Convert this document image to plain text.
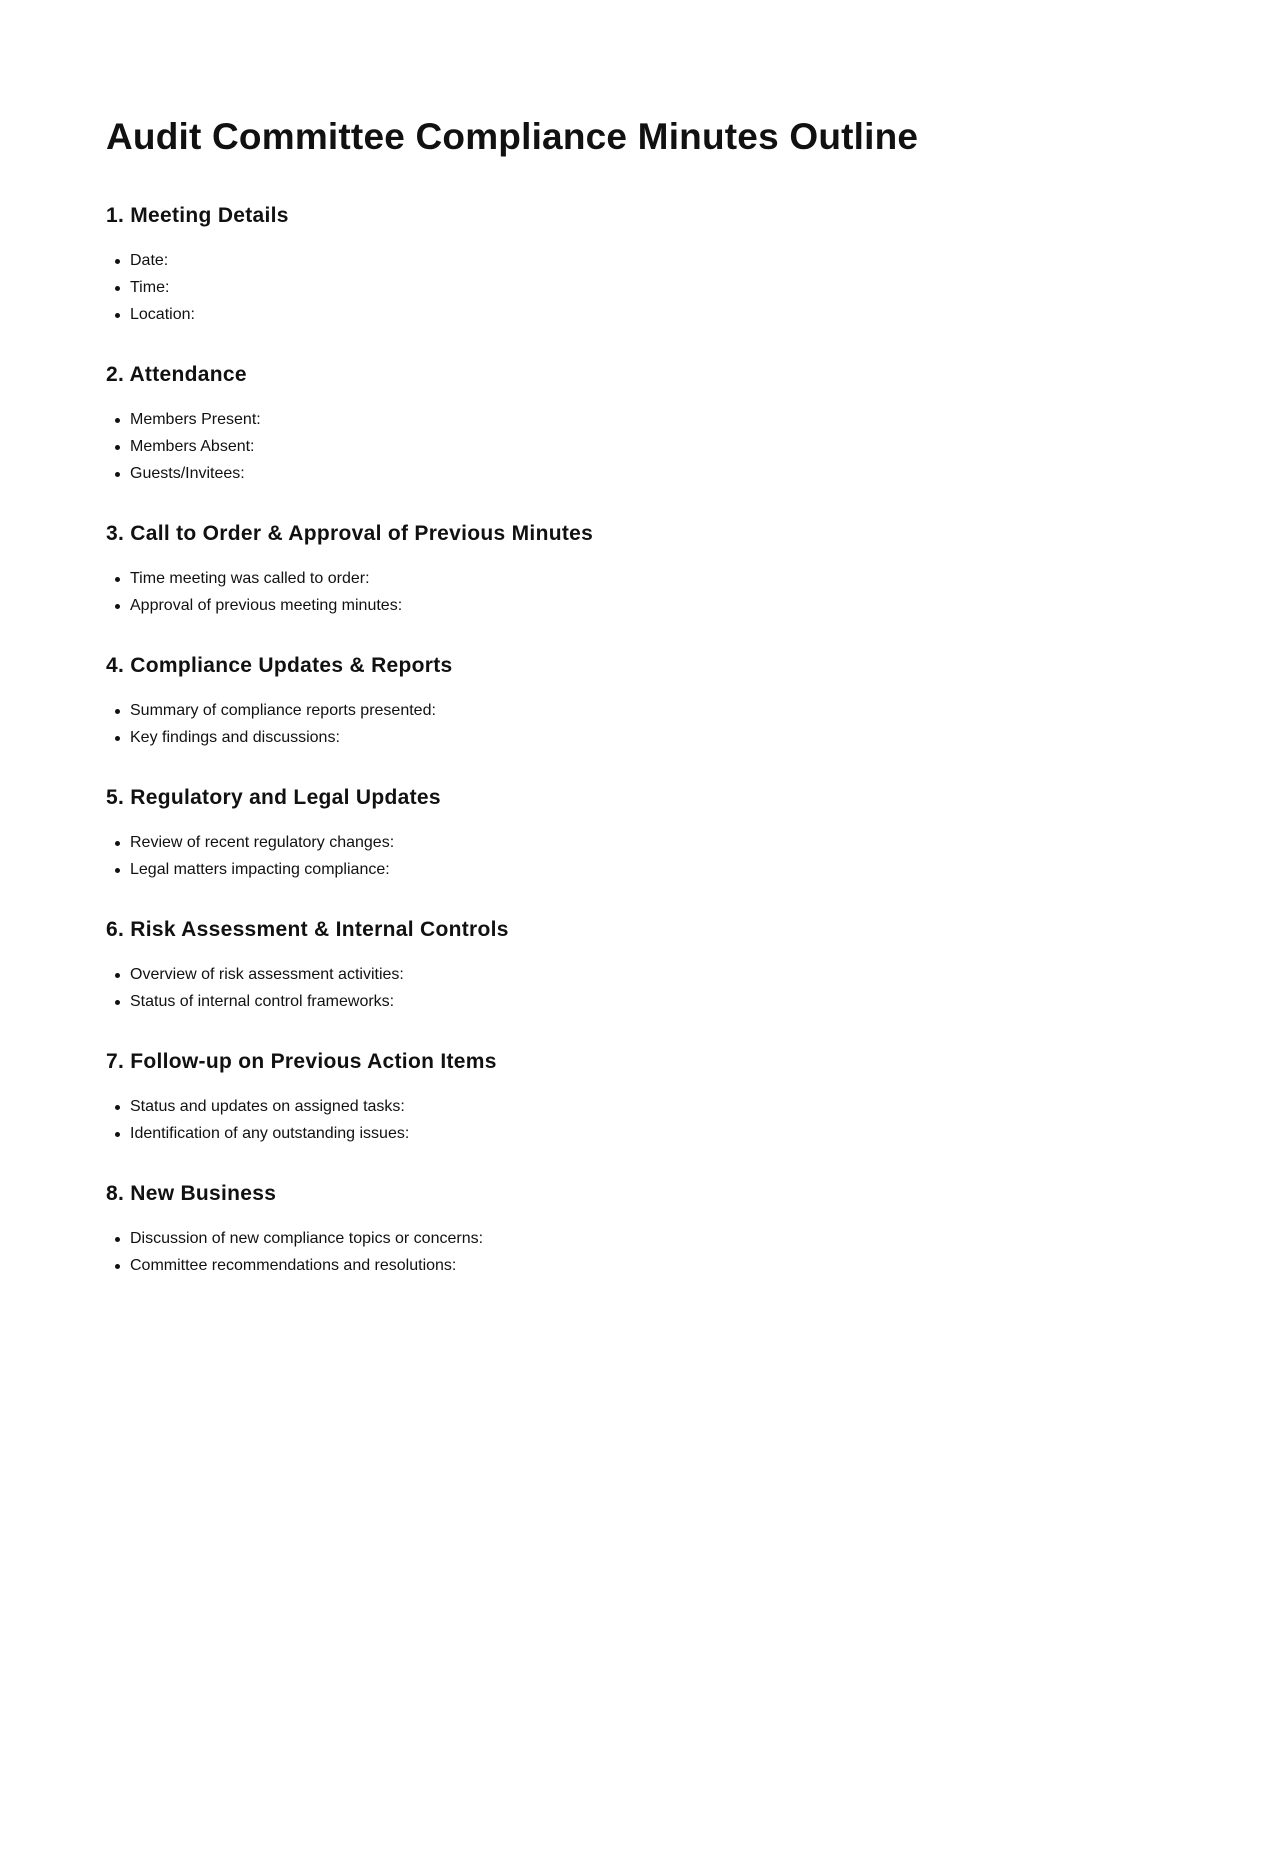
Audit Committee Compliance Minutes Outline
1. Meeting Details
Date:
Time:
Location:
2. Attendance
Members Present:
Members Absent:
Guests/Invitees:
3. Call to Order & Approval of Previous Minutes
Time meeting was called to order:
Approval of previous meeting minutes:
4. Compliance Updates & Reports
Summary of compliance reports presented:
Key findings and discussions:
5. Regulatory and Legal Updates
Review of recent regulatory changes:
Legal matters impacting compliance:
6. Risk Assessment & Internal Controls
Overview of risk assessment activities:
Status of internal control frameworks:
7. Follow-up on Previous Action Items
Status and updates on assigned tasks:
Identification of any outstanding issues:
8. New Business
Discussion of new compliance topics or concerns:
Committee recommendations and resolutions:
